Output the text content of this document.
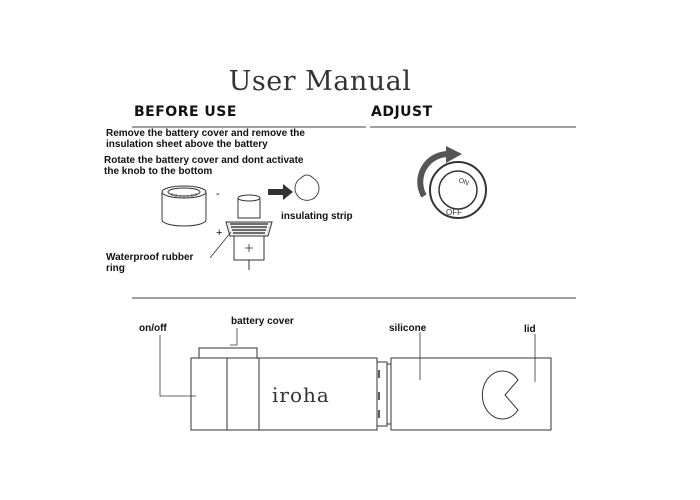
User Manual
BEFORE USE	ADJUST
Remove the battery cover and remove the
insulation sheet above the battery
Rotate the battery cover and dont activate
the knob to the bottom
-
+
insulating strip
Waterproof rubber
ring
on/off
battery cover
silicone	lid
ON
OFF
iroha
